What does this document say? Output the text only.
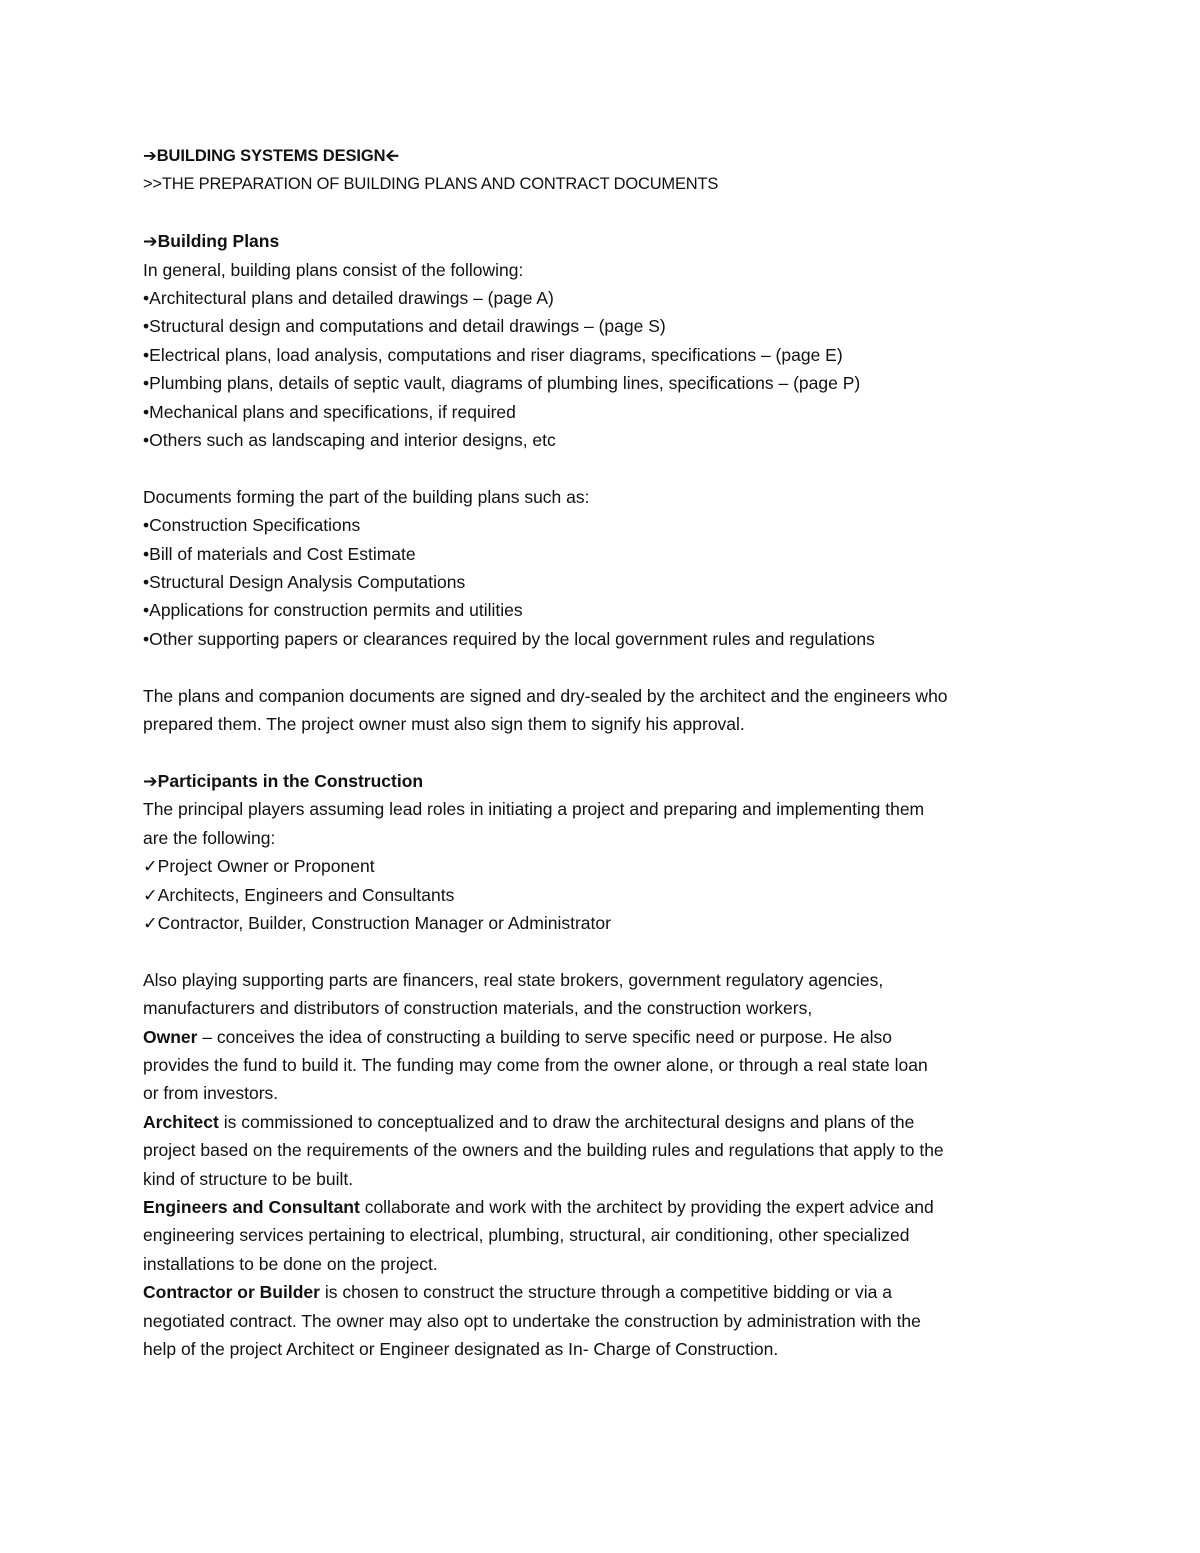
➔BUILDING SYSTEMS DESIGN🡨

>>THE PREPARATION OF BUILDING PLANS AND CONTRACT DOCUMENTS

➔Building Plans

In general, building plans consist of the following:

•Architectural plans and detailed drawings – (page A)

•Structural design and computations and detail drawings – (page S)

•Electrical plans, load analysis, computations and riser diagrams, specifications – (page E)

•Plumbing plans, details of septic vault, diagrams of plumbing lines, specifications – (page P)

•Mechanical plans and specifications, if required

•Others such as landscaping and interior designs, etc

Documents forming the part of the building plans such as:

•Construction Specifications

•Bill of materials and Cost Estimate

•Structural Design Analysis Computations

•Applications for construction permits and utilities

•Other supporting papers or clearances required by the local government rules and regulations

The plans and companion documents are signed and dry-sealed by the architect and the engineers who

prepared them. The project owner must also sign them to signify his approval.

➔Participants in the Construction

The principal players assuming lead roles in initiating a project and preparing and implementing them

are the following:

✓Project Owner or Proponent

✓Architects, Engineers and Consultants

✓Contractor, Builder, Construction Manager or Administrator

Also playing supporting parts are financers, real state brokers, government regulatory agencies,

manufacturers and distributors of construction materials, and the construction workers,

Owner – conceives the idea of constructing a building to serve specific need or purpose. He also

provides the fund to build it. The funding may come from the owner alone, or through a real state loan

or from investors.

Architect is commissioned to conceptualized and to draw the architectural designs and plans of the

project based on the requirements of the owners and the building rules and regulations that apply to the

kind of structure to be built.

Engineers and Consultant collaborate and work with the architect by providing the expert advice and

engineering services pertaining to electrical, plumbing, structural, air conditioning, other specialized

installations to be done on the project.

Contractor or Builder is chosen to construct the structure through a competitive bidding or via a

negotiated contract. The owner may also opt to undertake the construction by administration with the

help of the project Architect or Engineer designated as In- Charge of Construction.
